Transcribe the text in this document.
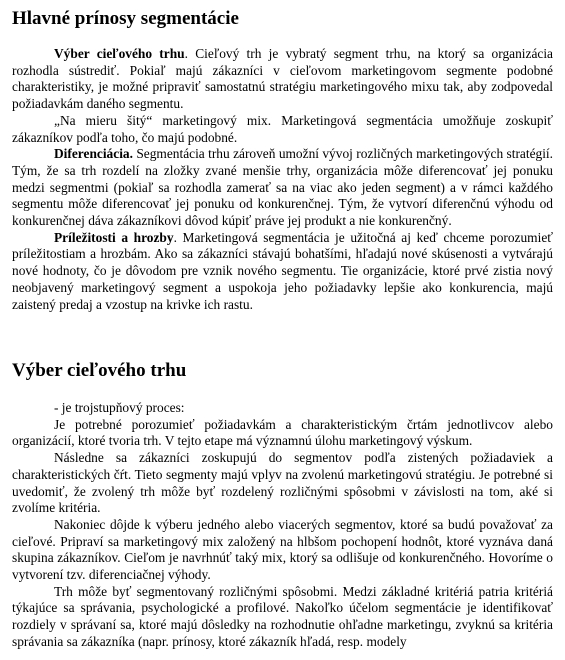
Hlavné prínosy segmentácie

Výber cieľového trhu. Cieľový trh je vybratý segment trhu, na ktorý sa organizácia rozhodla sústrediť. Pokiaľ majú zákazníci v cieľovom marketingovom segmente podobné charakteristiky, je možné pripraviť samostatnú stratégiu marketingového mixu tak, aby zodpovedal požiadavkám daného segmentu.

„Na mieru šitý“ marketingový mix. Marketingová segmentácia umožňuje zoskupiť zákazníkov podľa toho, čo majú podobné.

Diferenciácia. Segmentácia trhu zároveň umožní vývoj rozličných marketingových stratégií. Tým, že sa trh rozdelí na zložky zvané menšie trhy, organizácia môže diferencovať jej ponuku medzi segmentmi (pokiaľ sa rozhodla zamerať sa na viac ako jeden segment) a v rámci každého segmentu môže diferencovať jej ponuku od konkurenčnej. Tým, že vytvorí diferenčnú výhodu od konkurenčnej dáva zákazníkovi dôvod kúpiť práve jej produkt a nie konkurenčný.

Príležitosti a hrozby. Marketingová segmentácia je užitočná aj keď chceme porozumieť príležitostiam a hrozbám. Ako sa zákazníci stávajú bohatšími, hľadajú nové skúsenosti a vytvárajú nové hodnoty, čo je dôvodom pre vznik nového segmentu. Tie organizácie, ktoré prvé zistia nový neobjavený marketingový segment a uspokoja jeho požiadavky lepšie ako konkurencia, majú zaistený predaj a vzostup na krivke ich rastu.

Výber cieľového trhu

- je trojstupňový proces:

Je potrebné porozumieť požiadavkám a charakteristickým črtám jednotlivcov alebo organizácií, ktoré tvoria trh. V tejto etape má významnú úlohu marketingový výskum.

Následne sa zákazníci zoskupujú do segmentov podľa zistených požiadaviek a charakteristických čŕt. Tieto segmenty majú vplyv na zvolenú marketingovú stratégiu. Je potrebné si uvedomiť, že zvolený trh môže byť rozdelený rozličnými spôsobmi v závislosti na tom, aké si zvolíme kritéria.

Nakoniec dôjde k výberu jedného alebo viacerých segmentov, ktoré sa budú považovať za cieľové. Pripraví sa marketingový mix založený na hlbšom pochopení hodnôt, ktoré vyznáva daná skupina zákazníkov. Cieľom je navrhnúť taký mix, ktorý sa odlišuje od konkurenčného. Hovoríme o vytvorení tzv. diferenciačnej výhody.

Trh môže byť segmentovaný rozličnými spôsobmi. Medzi základné kritériá patria kritériá týkajúce sa správania, psychologické a profilové. Nakoľko účelom segmentácie je identifikovať rozdiely v správaní sa, ktoré majú dôsledky na rozhodnutie ohľadne marketingu, zvyknú sa kritéria správania sa zákazníka (napr. prínosy, ktoré zákazník hľadá, resp. modely
